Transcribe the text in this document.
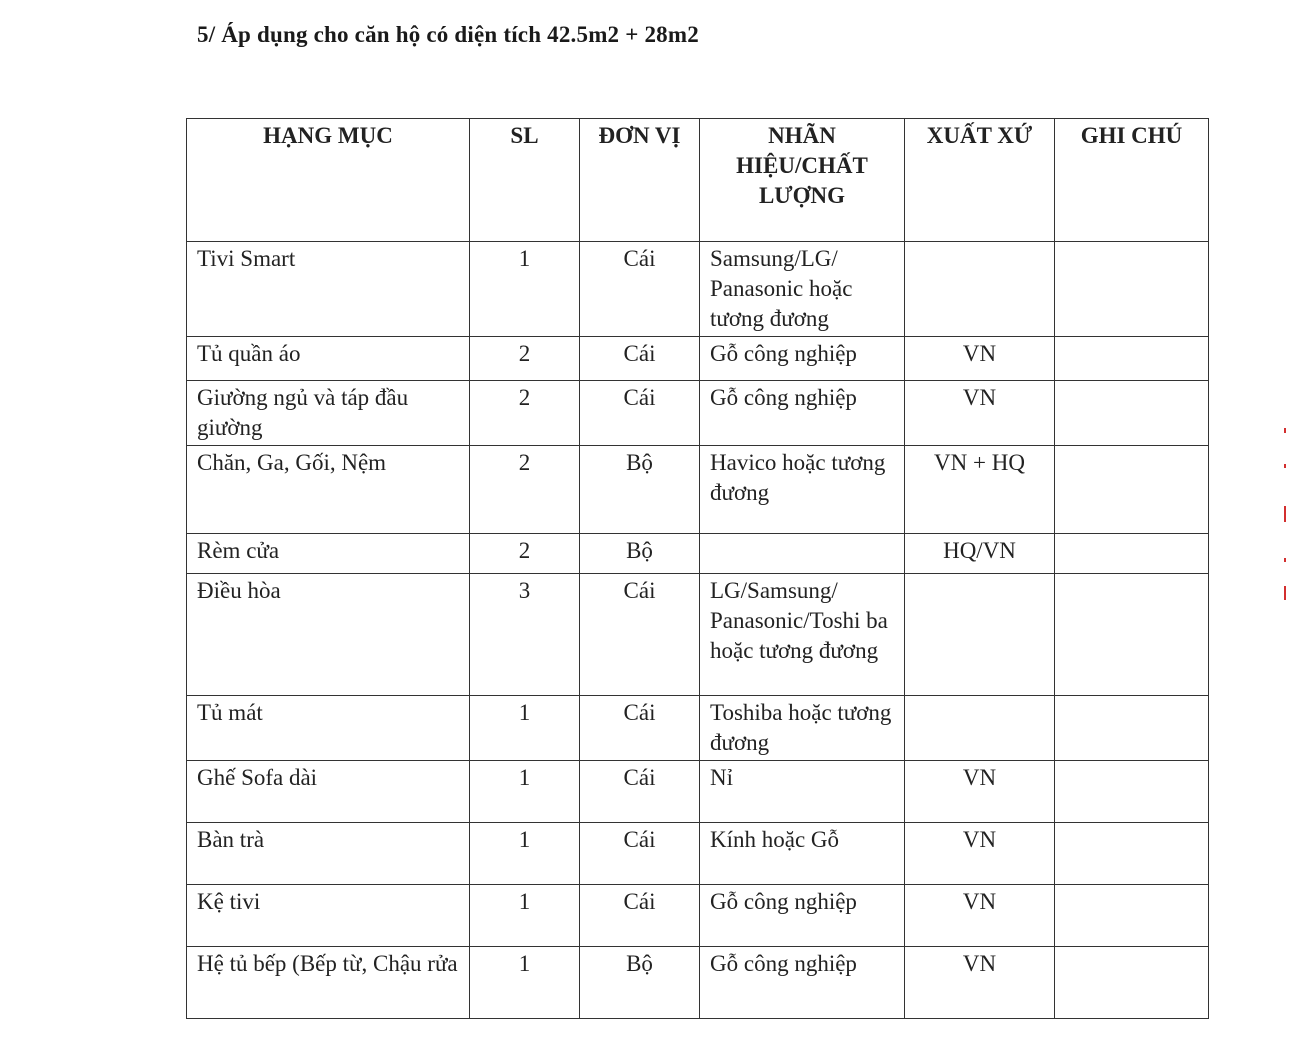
5/ Áp dụng cho căn hộ có diện tích 42.5m2 + 28m2
HẠNG MỤC	SL	ĐƠN VỊ	NHÃN HIỆU/CHẤT LƯỢNG	XUẤT XỨ	GHI CHÚ
Tivi Smart	1	Cái	Samsung/LG/ Panasonic hoặc tương đương		
Tủ quần áo	2	Cái	Gỗ công nghiệp	VN	
Giường ngủ và táp đầu giường	2	Cái	Gỗ công nghiệp	VN	
Chăn, Ga, Gối, Nệm	2	Bộ	Havico hoặc tương đương	VN + HQ	
Rèm cửa	2	Bộ		HQ/VN	
Điều hòa	3	Cái	LG/Samsung/ Panasonic/Toshi ba hoặc tương đương		
Tủ mát	1	Cái	Toshiba hoặc tương đương		
Ghế Sofa dài	1	Cái	Nỉ	VN	
Bàn trà	1	Cái	Kính hoặc Gỗ	VN	
Kệ tivi	1	Cái	Gỗ công nghiệp	VN	
Hệ tủ bếp (Bếp từ, Chậu rửa	1	Bộ	Gỗ công nghiệp	VN	
